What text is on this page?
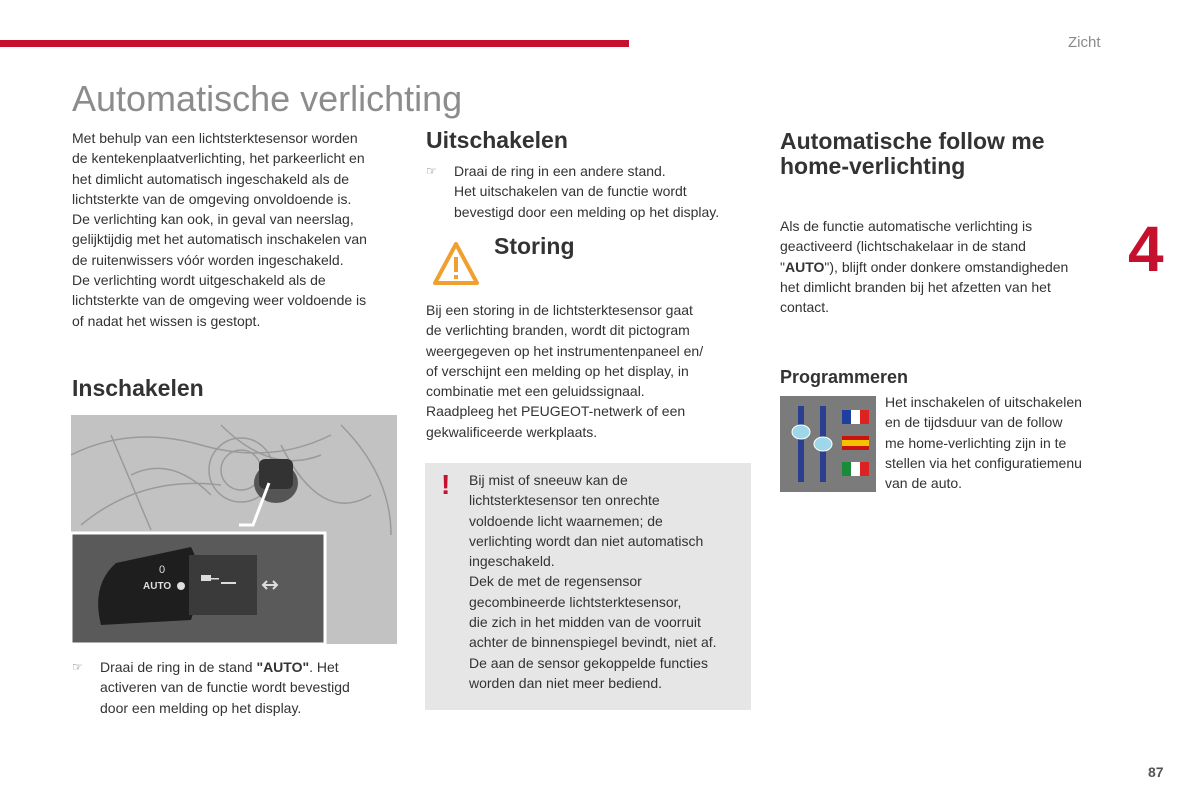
Zicht
Automatische verlichting
4
87

Met behulp van een lichtsterktesensor worden

de kentekenplaatverlichting, het parkeerlicht en

het dimlicht automatisch ingeschakeld als de

lichtsterkte van de omgeving onvoldoende is.

De verlichting kan ook, in geval van neerslag,

gelijktijdig met het automatisch inschakelen van

de ruitenwissers vóór worden ingeschakeld.

De verlichting wordt uitgeschakeld als de

lichtsterkte van de omgeving weer voldoende is

of nadat het wissen is gestopt.

Inschakelen
AUTO
0
☞ Draai de ring in de stand "AUTO". Het
activeren van de functie wordt bevestigd
door een melding op het display.
Uitschakelen
☞ Draai de ring in een andere stand.
Het uitschakelen van de functie wordt
bevestigd door een melding op het display.
Storing

Bij een storing in de lichtsterktesensor gaat

de verlichting branden, wordt dit pictogram

weergegeven op het instrumentenpaneel en/

of verschijnt een melding op het display, in

combinatie met een geluidssignaal.

Raadpleeg het PEUGEOT-netwerk of een

gekwalificeerde werkplaats.

! Bij mist of sneeuw kan de
lichtsterktesensor ten onrechte
voldoende licht waarnemen; de
verlichting wordt dan niet automatisch
ingeschakeld.
Dek de met de regensensor
gecombineerde lichtsterktesensor,
die zich in het midden van de voorruit
achter de binnenspiegel bevindt, niet af.
De aan de sensor gekoppelde functies
worden dan niet meer bediend.
Automatische follow me
home-verlichting

Als de functie automatische verlichting is

geactiveerd (lichtschakelaar in de stand

"AUTO"), blijft onder donkere omstandigheden

het dimlicht branden bij het afzetten van het

contact.

Programmeren

Het inschakelen of uitschakelen

en de tijdsduur van de follow

me home-verlichting zijn in te

stellen via het configuratiemenu

van de auto.
